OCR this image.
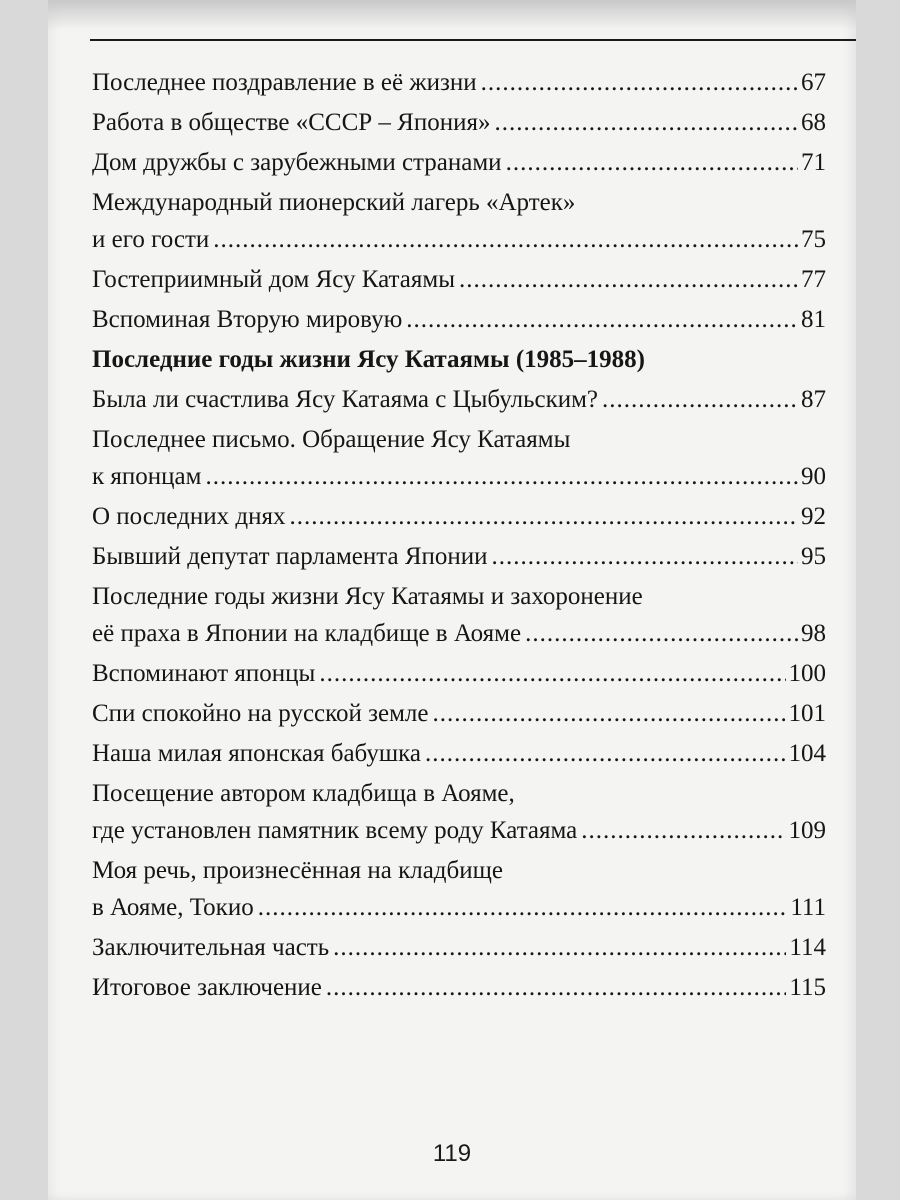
Последнее поздравление в её жизни .....	67
Работа в обществе «СССР – Япония» .....	68
Дом дружбы с зарубежными странами .....	71
Международный пионерский лагерь «Артек»
и его гости .....	75
Гостеприимный дом Ясу Катаямы .....	77
Вспоминая Вторую мировую .....	81
Последние годы жизни Ясу Катаямы (1985–1988)
Была ли счастлива Ясу Катаяма с Цыбульским? .....	87
Последнее письмо. Обращение Ясу Катаямы
к японцам .....	90
О последних днях .....	92
Бывший депутат парламента Японии .....	95
Последние годы жизни Ясу Катаямы и захоронение
её праха в Японии на кладбище в Аояме .....	98
Вспоминают японцы .....	100
Спи спокойно на русской земле .....	101
Наша милая японская бабушка .....	104
Посещение автором кладбища в Аояме,
где установлен памятник всему роду Катаяма .....	109
Моя речь, произнесённая на кладбище
в Аояме, Токио .....	111
Заключительная часть .....	114
Итоговое заключение .....	115
119
